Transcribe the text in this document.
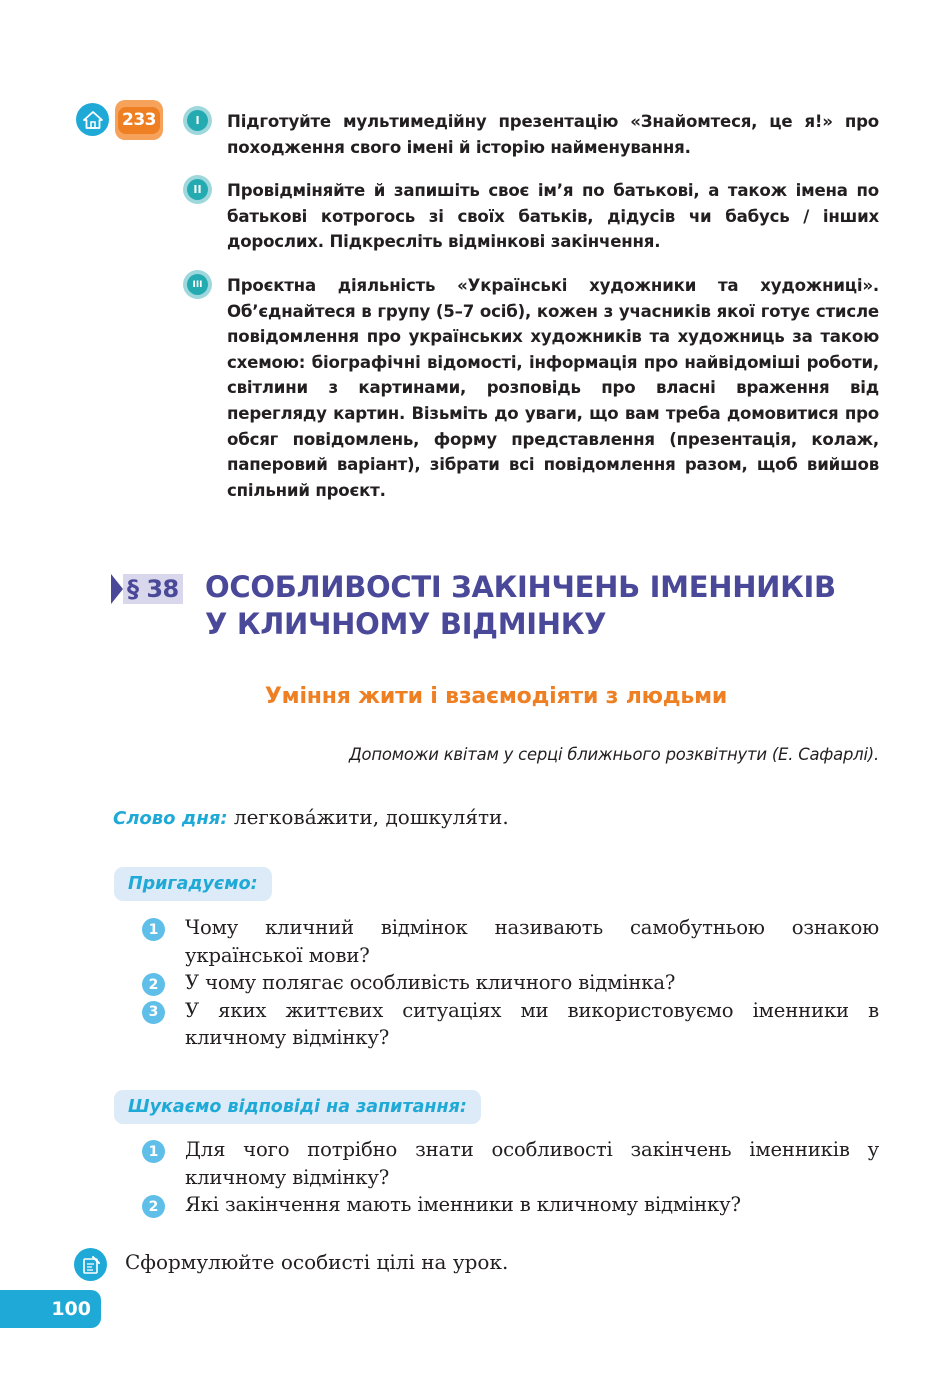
233	I	Підготуйте мультимедійну презентацію «Знайомтеся, це я!» про походження свого імені й історію найменування.
II	Провідміняйте й запишіть своє ім’я по батькові, а також імена по батькові котрогось зі своїх батьків, дідусів чи бабусь / інших дорослих. Підкресліть відмінкові закінчення.
III	Проєктна діяльність «Українські художники та художниці». Об’єднайтеся в групу (5–7 осіб), кожен з учасників якої готує стисле повідомлення про українських художників та художниць за такою схемою: біографічні відомості, інформація про найвідоміші роботи, світлини з картинами, розповідь про власні враження від перегляду картин. Візьміть до уваги, що вам треба домовитися про обсяг повідомлень, форму представлення (презентація, колаж, паперовий варіант), зібрати всі повідомлення разом, щоб вийшов спільний проєкт.
§ 38 ОСОБЛИВОСТІ ЗАКІНЧЕНЬ ІМЕННИКІВ
У КЛИЧНОМУ ВІДМІНКУ
Уміння жити і взаємодіяти з людьми
Допоможи квітам у серці ближнього розквітнути (Е. Сафарлі).
Слово дня: легкова́жити, дошкуля́ти.
Пригадуємо:
1	Чому кличний відмінок називають самобутньою ознакою української мови?
2	У чому полягає особливість кличного відмінка?
3	У яких життєвих ситуаціях ми використовуємо іменники в кличному відмінку?
Шукаємо відповіді на запитання:
1	Для чого потрібно знати особливості закінчень іменників у кличному відмінку?
2	Які закінчення мають іменники в кличному відмінку?
Сформулюйте особисті цілі на урок.
100
